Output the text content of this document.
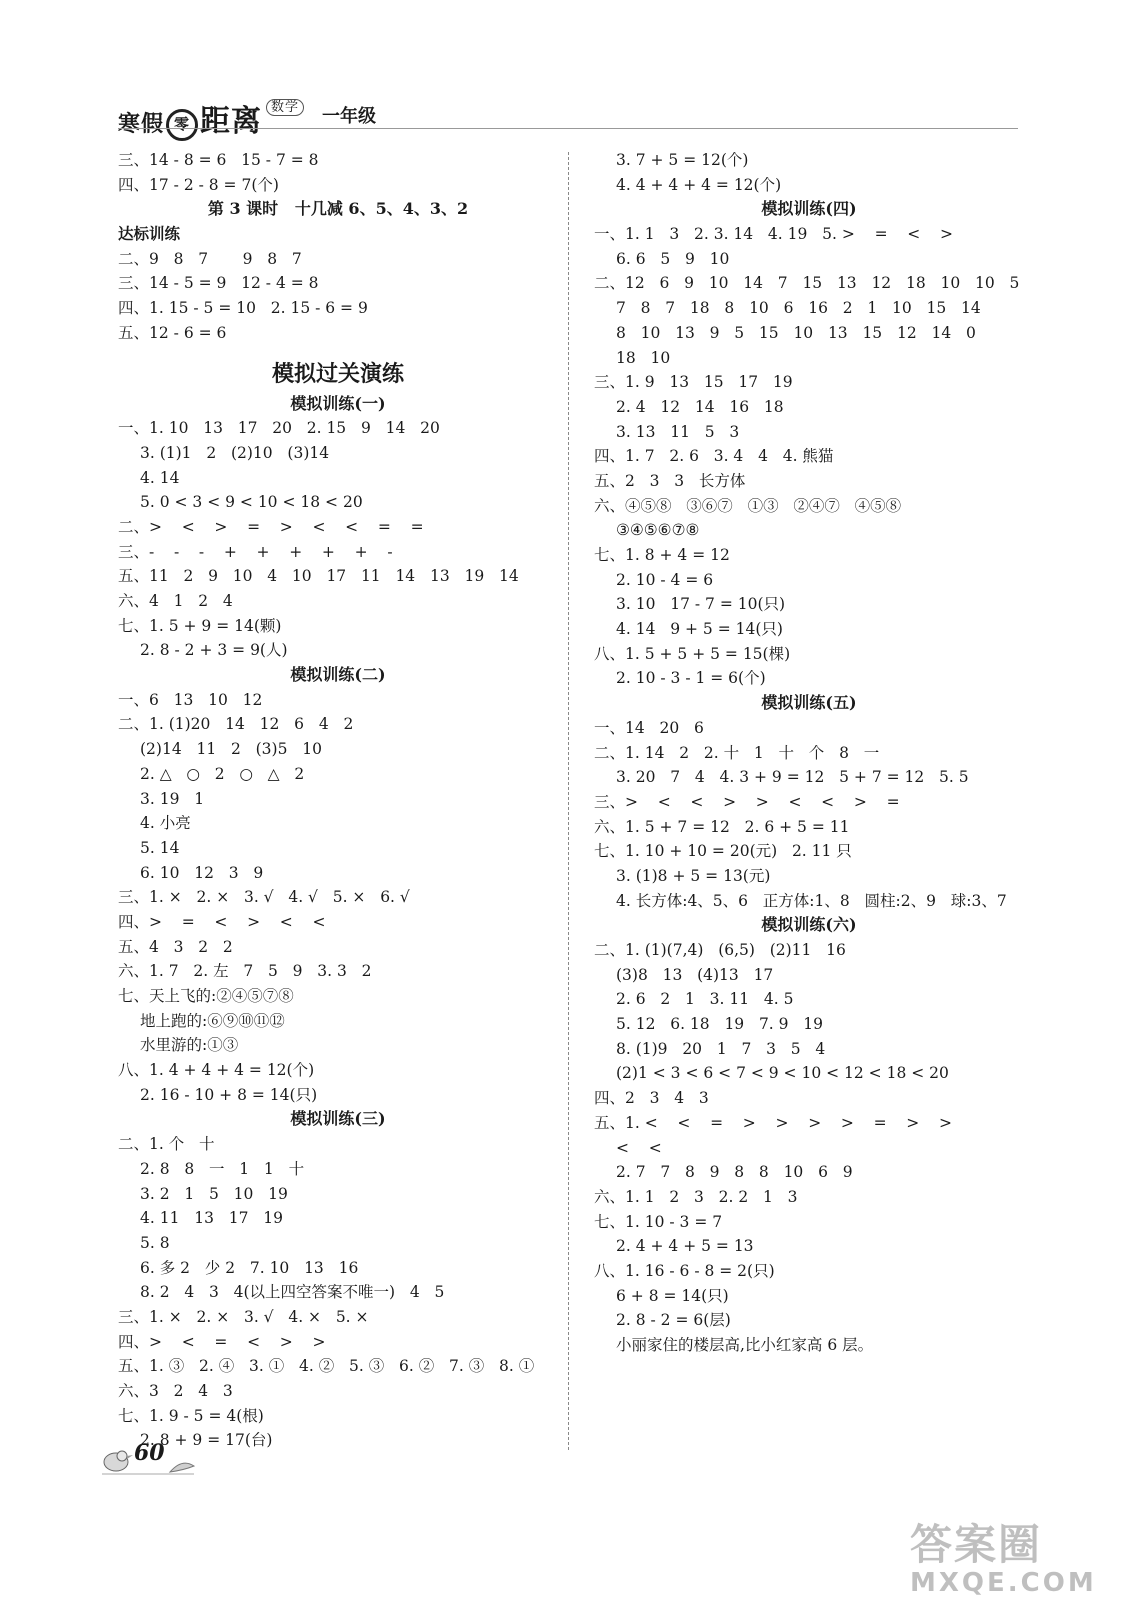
寒假 零 距离 $^{数学}$ 一年级
三、14 - 8 = 6   15 - 7 = 8
四、17 - 2 - 8 = 7(个)
第 3 课时   十几减 6、5、4、3、2
达标训练
二、9   8   7       9   8   7
三、14 - 5 = 9   12 - 4 = 8
四、1. 15 - 5 = 10   2. 15 - 6 = 9
五、12 - 6 = 6
模拟过关演练
模拟训练(一)
一、1. 10   13   17   20   2. 15   9   14   20
3. (1)1   2   (2)10   (3)14
4. 14
5. 0 < 3 < 9 < 10 < 18 < 20
二、>    <    >    =    >    <    <    =    =
三、-    -    -    +    +    +    +    +    -
五、11   2   9   10   4   10   17   11   14   13   19   14
六、4   1   2   4
七、1. 5 + 9 = 14(颗)
2. 8 - 2 + 3 = 9(人)
模拟训练(二)
一、6   13   10   12
二、1. (1)20   14   12   6   4   2
(2)14   11   2   (3)5   10
2. △   ○   2   ○   △   2
3. 19   1
4. 小亮
5. 14
6. 10   12   3   9
三、1. ×   2. ×   3. √   4. √   5. ×   6. √
四、>    =    <    >    <    <
五、4   3   2   2
六、1. 7   2. 左   7   5   9   3. 3   2
七、天上飞的:②④⑤⑦⑧
地上跑的:⑥⑨⑩⑪⑫
水里游的:①③
八、1. 4 + 4 + 4 = 12(个)
2. 16 - 10 + 8 = 14(只)
模拟训练(三)
二、1. 个   十
2. 8   8   一   1   1   十
3. 2   1   5   10   19
4. 11   13   17   19
5. 8
6. 多 2   少 2   7. 10   13   16
8. 2   4   3   4(以上四空答案不唯一)   4   5
三、1. ×   2. ×   3. √   4. ×   5. ×
四、>    <    =    <    >    >
五、1. ③   2. ④   3. ①   4. ②   5. ③   6. ②   7. ③   8. ①
六、3   2   4   3
七、1. 9 - 5 = 4(根)
2. 8 + 9 = 17(台)
3. 7 + 5 = 12(个)
4. 4 + 4 + 4 = 12(个)
模拟训练(四)
一、1. 1   3   2. 3. 14   4. 19   5. >    =    <    >
6. 6   5   9   10
二、12   6   9   10   14   7   15   13   12   18   10   10   5
7   8   7   18   8   10   6   16   2   1   10   15   14
8   10   13   9   5   15   10   13   15   12   14   0
18   10
三、1. 9   13   15   17   19
2. 4   12   14   16   18
3. 13   11   5   3
四、1. 7   2. 6   3. 4   4   4. 熊猫
五、2   3   3   长方体
六、④⑤⑧   ③⑥⑦   ①③   ②④⑦   ④⑤⑧
③④⑤⑥⑦⑧
七、1. 8 + 4 = 12
2. 10 - 4 = 6
3. 10   17 - 7 = 10(只)
4. 14   9 + 5 = 14(只)
八、1. 5 + 5 + 5 = 15(棵)
2. 10 - 3 - 1 = 6(个)
模拟训练(五)
一、14   20   6
二、1. 14   2   2. 十   1   十   个   8   一
3. 20   7   4   4. 3 + 9 = 12   5 + 7 = 12   5. 5
三、>    <    <    >    >    <    <    >    =
六、1. 5 + 7 = 12   2. 6 + 5 = 11
七、1. 10 + 10 = 20(元)   2. 11 只
3. (1)8 + 5 = 13(元)
4. 长方体:4、5、6   正方体:1、8   圆柱:2、9   球:3、7
模拟训练(六)
二、1. (1)(7,4)   (6,5)   (2)11   16
(3)8   13   (4)13   17
2. 6   2   1   3. 11   4. 5
5. 12   6. 18   19   7. 9   19
8. (1)9   20   1   7   3   5   4
(2)1 < 3 < 6 < 7 < 9 < 10 < 12 < 18 < 20
四、2   3   4   3
五、1. <    <    =    >    >    >    >    =    >    >
<    <
2. 7   7   8   9   8   8   10   6   9
六、1. 1   2   3   2. 2   1   3
七、1. 10 - 3 = 7
2. 4 + 4 + 5 = 13
八、1. 16 - 6 - 8 = 2(只)
6 + 8 = 14(只)
2. 8 - 2 = 6(层)
小丽家住的楼层高,比小红家高 6 层。
60
答案圈
MXQE.COM
